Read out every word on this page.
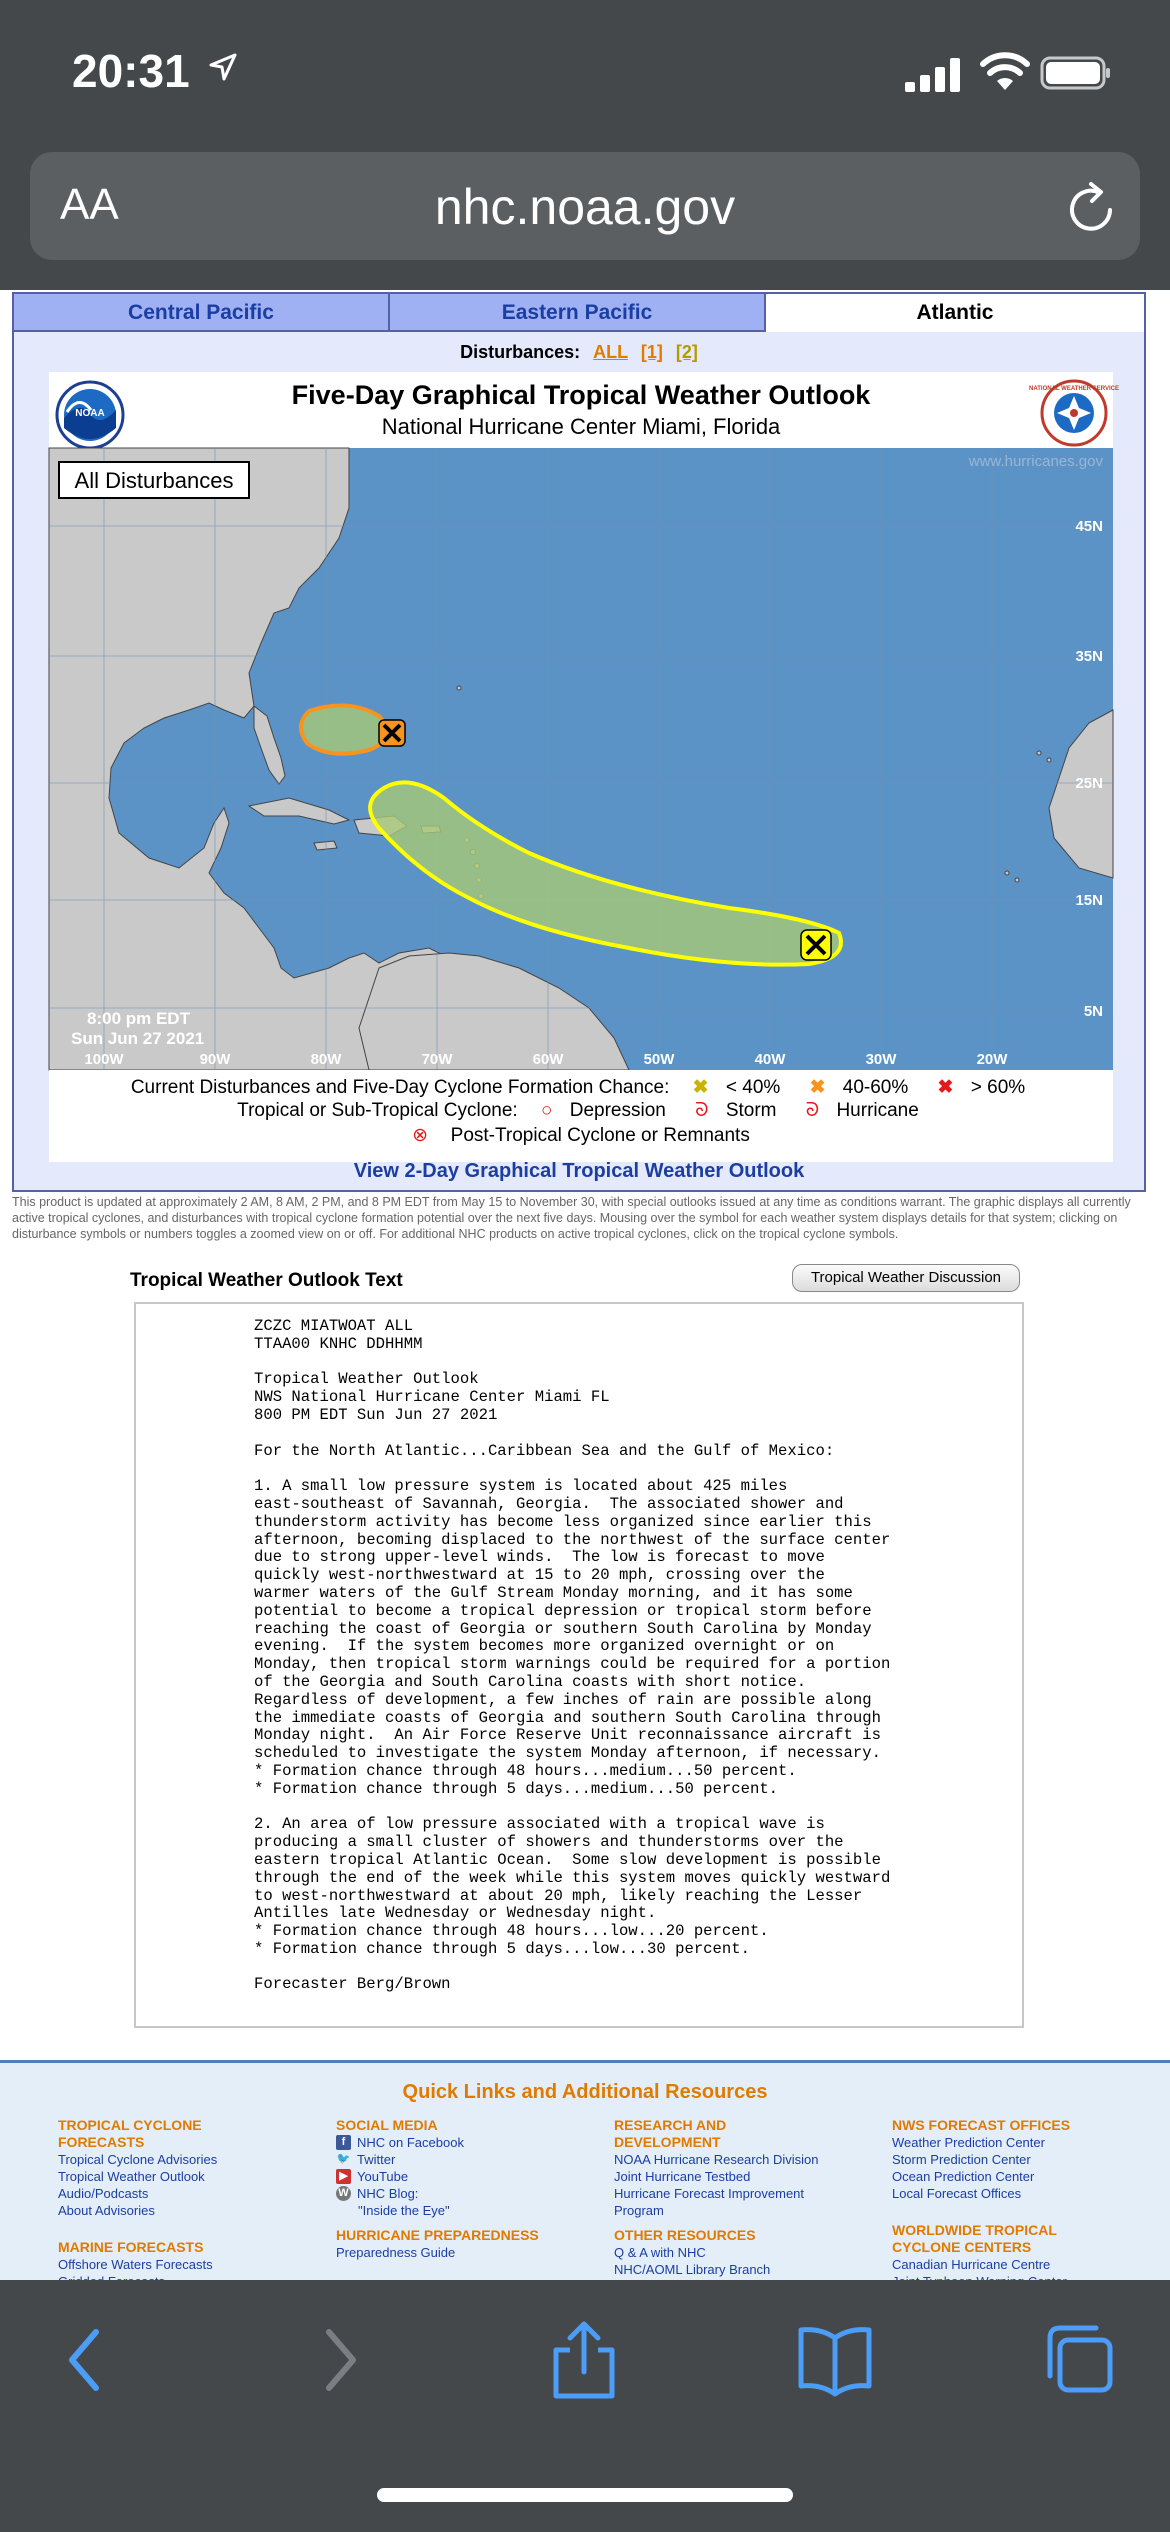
20:31
AA	nhc.noaa.gov
Central Pacific	Eastern Pacific	Atlantic
Disturbances: ALL [1] [2]
NOAA
Five-Day Graphical Tropical Weather Outlook
National Hurricane Center Miami, Florida
NATIONAL WEATHER SERVICE
All Disturbances
www.hurricanes.gov
45N
35N
25N
15N
5N
100W	90W	80W	70W	60W	50W	40W	30W	20W
8:00 pm EDT
Sun Jun 27 2021
Current Disturbances and Five-Day Cyclone Formation Chance: ✖ < 40% ✖ 40-60% ✖ > 60%
Tropical or Sub-Tropical Cyclone: ○ Depression ᘐ Storm ᘐ Hurricane
⊗ Post-Tropical Cyclone or Remnants
View 2-Day Graphical Tropical Weather Outlook
This product is updated at approximately 2 AM, 8 AM, 2 PM, and 8 PM EDT from May 15 to November 30, with special outlooks issued at any time as conditions warrant. The graphic displays all currently active tropical cyclones, and disturbances with tropical cyclone formation potential over the next five days. Mousing over the symbol for each weather system displays details for that system; clicking on disturbance symbols or numbers toggles a zoomed view on or off. For additional NHC products on active tropical cyclones, click on the tropical cyclone symbols.
Tropical Weather Outlook Text	Tropical Weather Discussion
ZCZC MIATWOAT ALL
TTAA00 KNHC DDHHMM

Tropical Weather Outlook
NWS National Hurricane Center Miami FL
800 PM EDT Sun Jun 27 2021

For the North Atlantic...Caribbean Sea and the Gulf of Mexico:

1. A small low pressure system is located about 425 miles
east-southeast of Savannah, Georgia.  The associated shower and
thunderstorm activity has become less organized since earlier this
afternoon, becoming displaced to the northwest of the surface center
due to strong upper-level winds.  The low is forecast to move
quickly west-northwestward at 15 to 20 mph, crossing over the
warmer waters of the Gulf Stream Monday morning, and it has some
potential to become a tropical depression or tropical storm before
reaching the coast of Georgia or southern South Carolina by Monday
evening.  If the system becomes more organized overnight or on
Monday, then tropical storm warnings could be required for a portion
of the Georgia and South Carolina coasts with short notice.
Regardless of development, a few inches of rain are possible along
the immediate coasts of Georgia and southern South Carolina through
Monday night.  An Air Force Reserve Unit reconnaissance aircraft is
scheduled to investigate the system Monday afternoon, if necessary.
* Formation chance through 48 hours...medium...50 percent.
* Formation chance through 5 days...medium...50 percent.

2. An area of low pressure associated with a tropical wave is
producing a small cluster of showers and thunderstorms over the
eastern tropical Atlantic Ocean.  Some slow development is possible
through the end of the week while this system moves quickly westward
to west-northwestward at about 20 mph, likely reaching the Lesser
Antilles late Wednesday or Wednesday night.
* Formation chance through 48 hours...low...20 percent.
* Formation chance through 5 days...low...30 percent.

Forecaster Berg/Brown
Quick Links and Additional Resources
TROPICAL CYCLONE FORECASTS
Tropical Cyclone Advisories
Tropical Weather Outlook
Audio/Podcasts
About Advisories
MARINE FORECASTS
Offshore Waters Forecasts
SOCIAL MEDIA
f NHC on Facebook
🐦 Twitter
▶ YouTube
W NHC Blog:
"Inside the Eye"
HURRICANE PREPAREDNESS
Preparedness Guide
RESEARCH AND DEVELOPMENT
NOAA Hurricane Research Division
Joint Hurricane Testbed
Hurricane Forecast Improvement Program
OTHER RESOURCES
Q & A with NHC
NHC/AOML Library Branch
NWS FORECAST OFFICES
Weather Prediction Center
Storm Prediction Center
Ocean Prediction Center
Local Forecast Offices
WORLDWIDE TROPICAL CYCLONE CENTERS
Canadian Hurricane Centre
